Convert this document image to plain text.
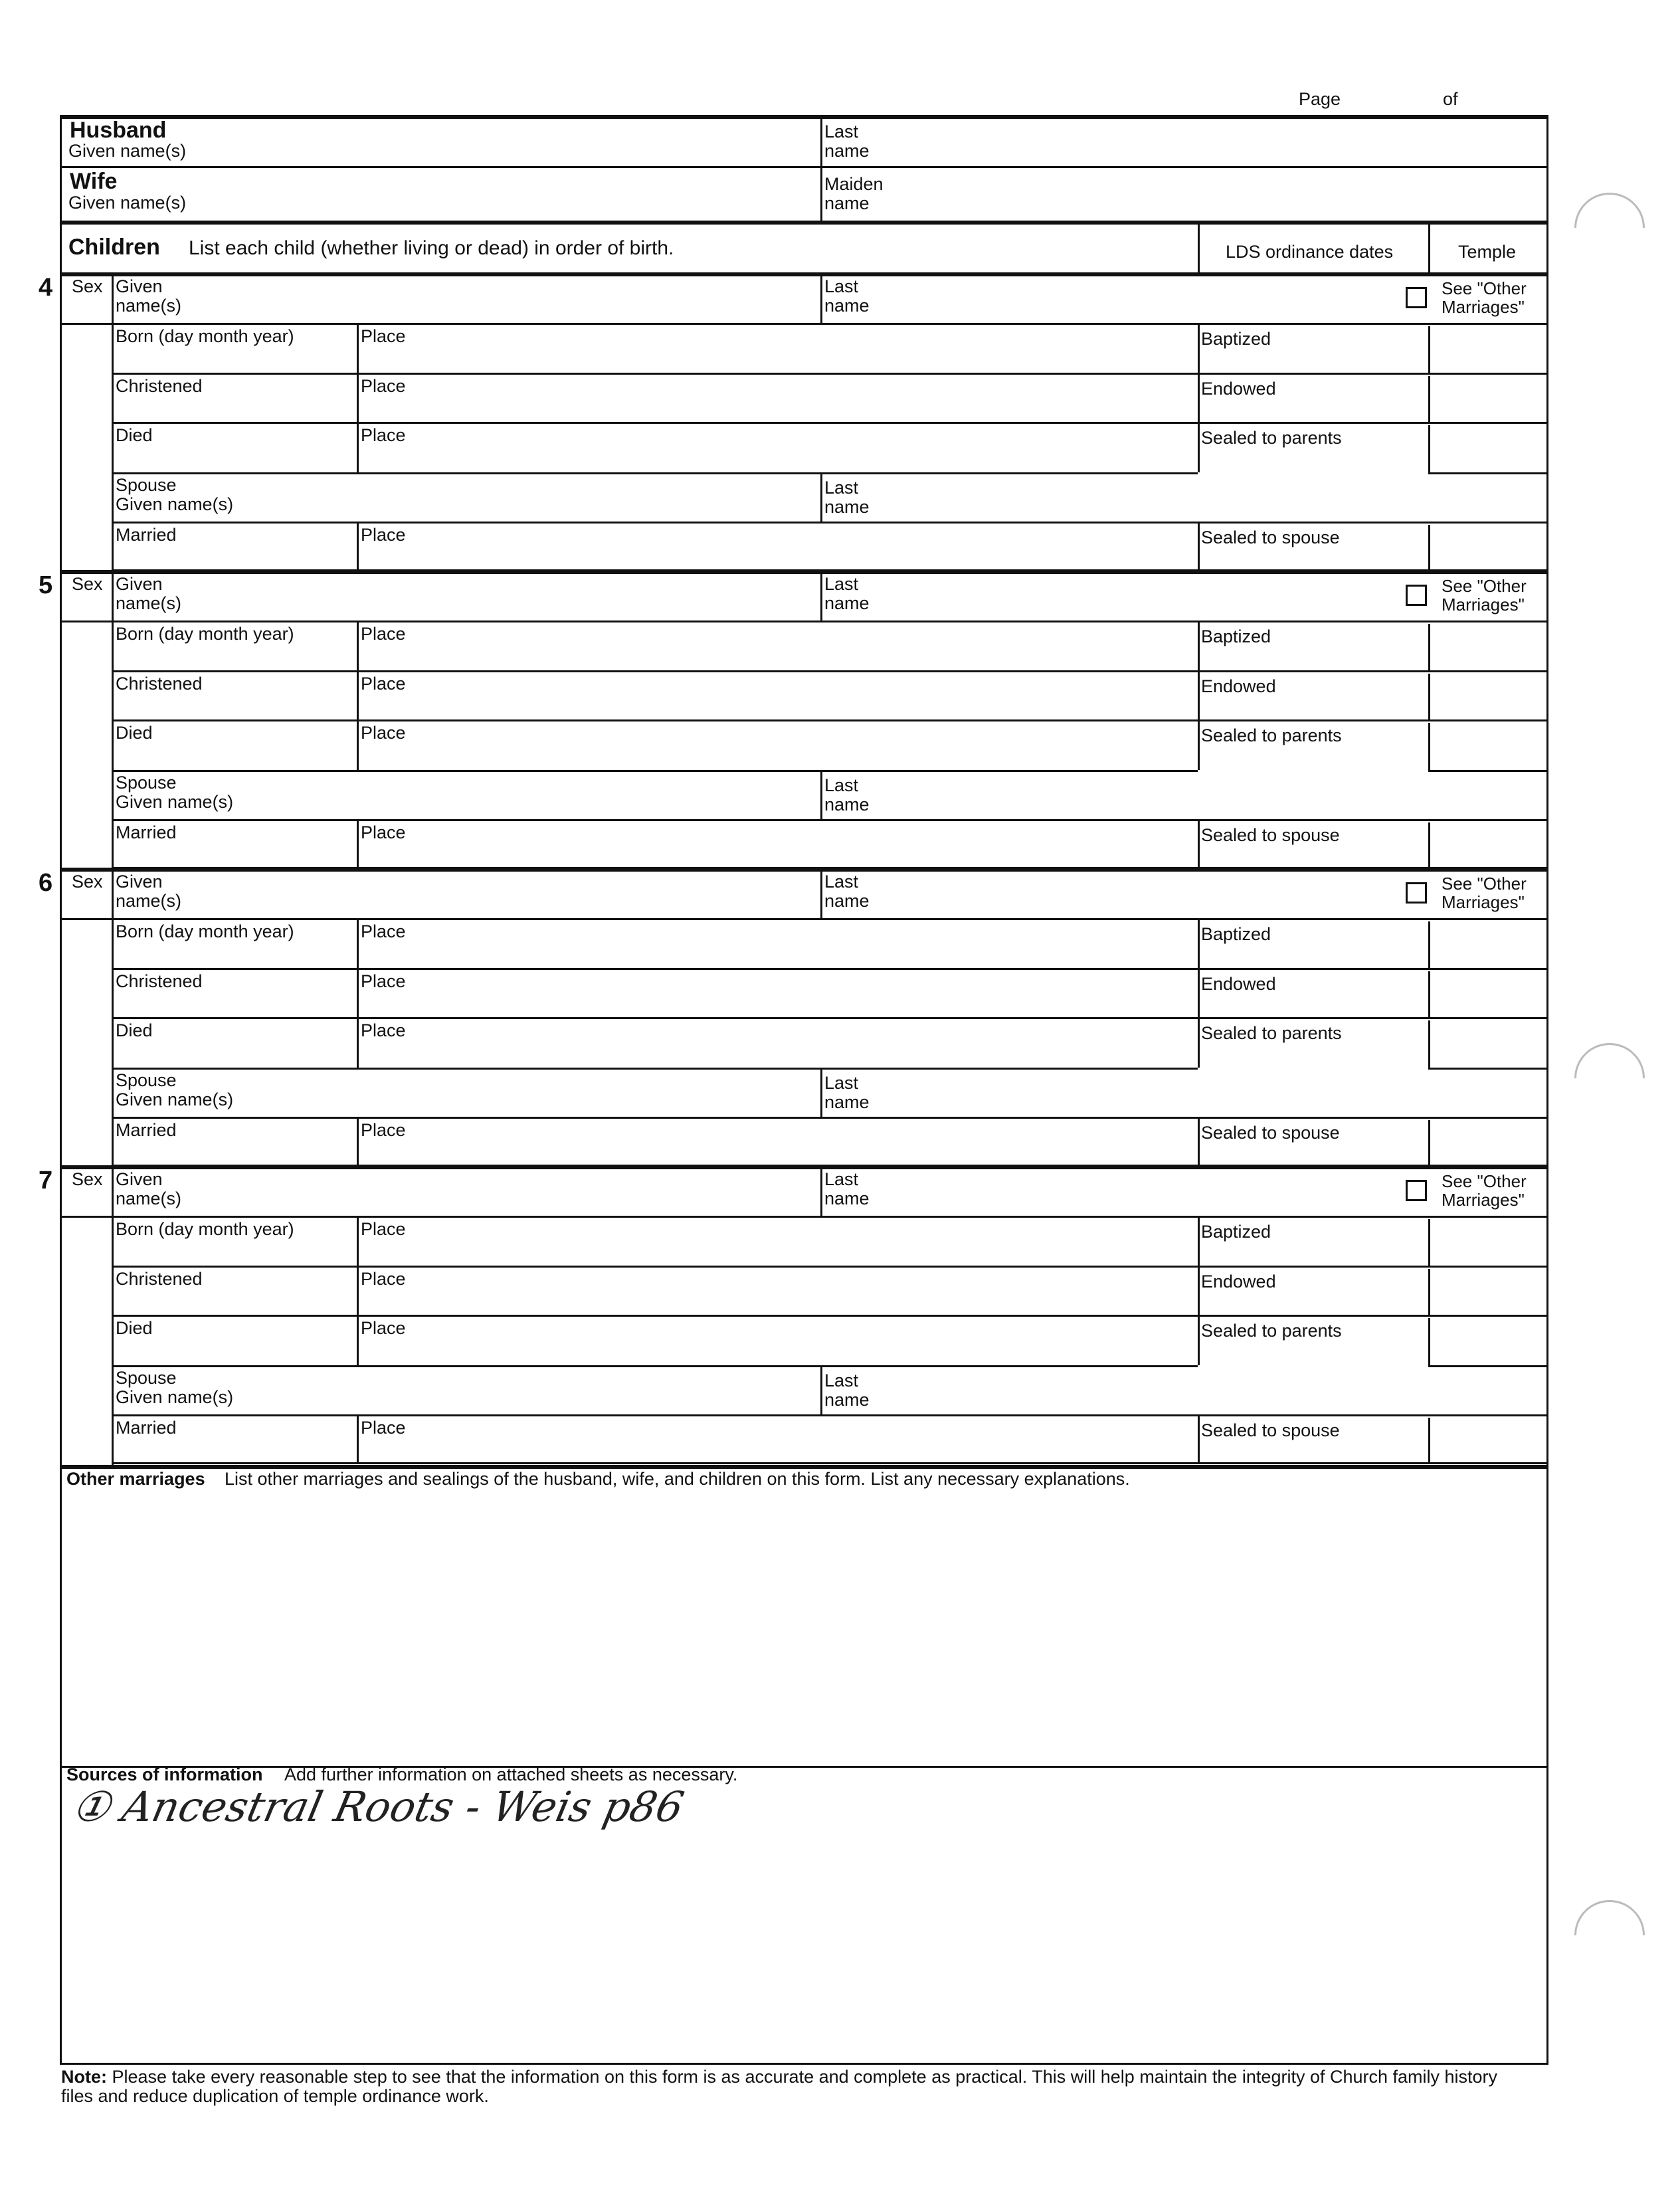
Page	of
Husband
Given name(s)
Last
name
Wife
Given name(s)
Maiden
name
Children List each child (whether living or dead) in order of birth.	LDS ordinance dates	Temple
4 Sex Given
name(s)
Last
name
See "Other
Marriages"
Born (day month year)	Place	Baptized
Christened	Place	Endowed
Died	Place	Sealed to parents
Spouse
Given name(s)
Last
name
Married	Place	Sealed to spouse
5 Sex Given
name(s)
Last
name
See "Other
Marriages"
Born (day month year)	Place	Baptized
Christened	Place	Endowed
Died	Place	Sealed to parents
Spouse
Given name(s)
Last
name
Married	Place	Sealed to spouse
6 Sex Given
name(s)
Last
name
See "Other
Marriages"
Born (day month year)	Place	Baptized
Christened	Place	Endowed
Died	Place	Sealed to parents
Spouse
Given name(s)
Last
name
Married	Place	Sealed to spouse
7 Sex Given
name(s)
Last
name
See "Other
Marriages"
Born (day month year)	Place	Baptized
Christened	Place	Endowed
Died	Place	Sealed to parents
Spouse
Given name(s)
Last
name
Married	Place	Sealed to spouse
Other marriages List other marriages and sealings of the husband, wife, and children on this form. List any necessary explanations.
Sources of information Add further information on attached sheets as necessary.
① Ancestral Roots - Weis p86
Note: Please take every reasonable step to see that the information on this form is as accurate and complete as practical. This will help maintain the integrity of Church family history files and reduce duplication of temple ordinance work.
